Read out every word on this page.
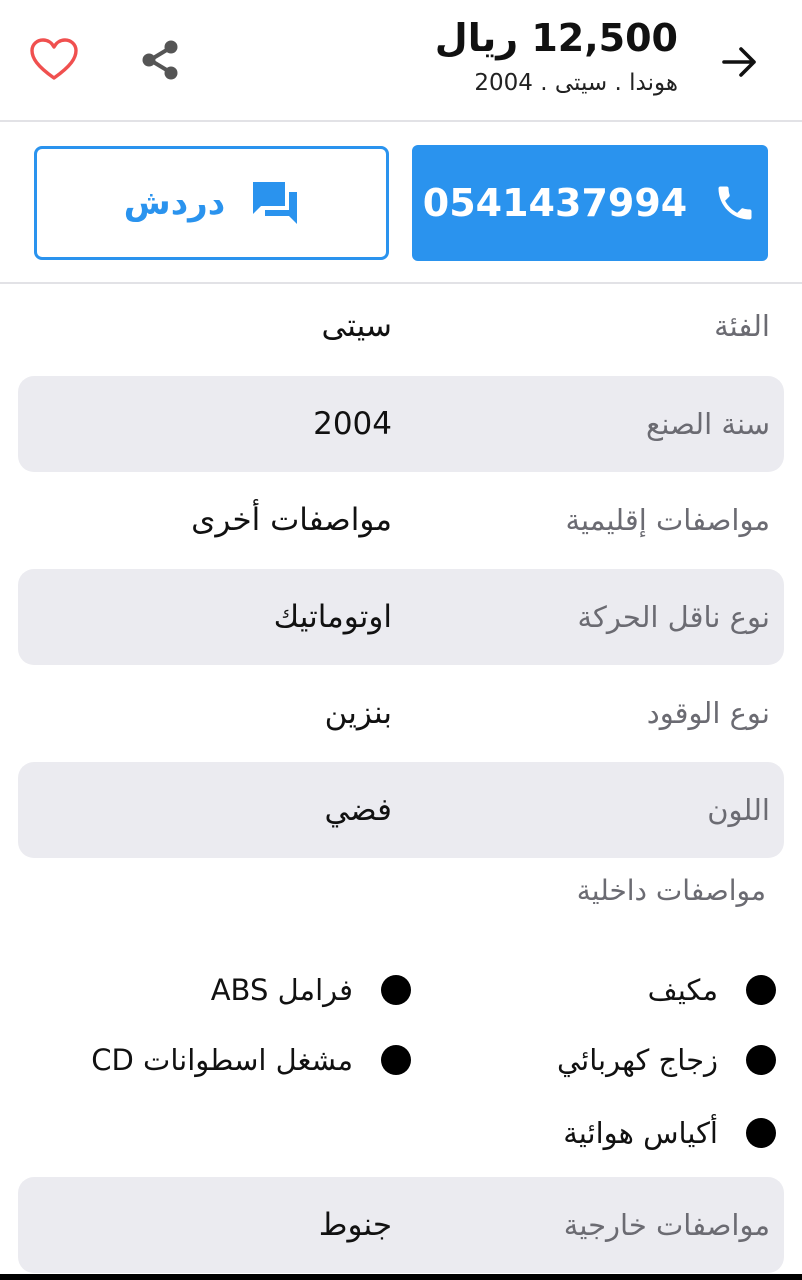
12,500 ريال
هوندا . سيتى . 2004
دردش	0541437994
الفئة
سيتى
سنة الصنع
2004
مواصفات إقليمية
مواصفات أخرى
نوع ناقل الحركة
اوتوماتيك
نوع الوقود
بنزين
اللون
فضي
مواصفات داخلية
مكيف
فرامل ABS
زجاج كهربائي
مشغل اسطوانات CD
أكياس هوائية
مواصفات خارجية
جنوط
